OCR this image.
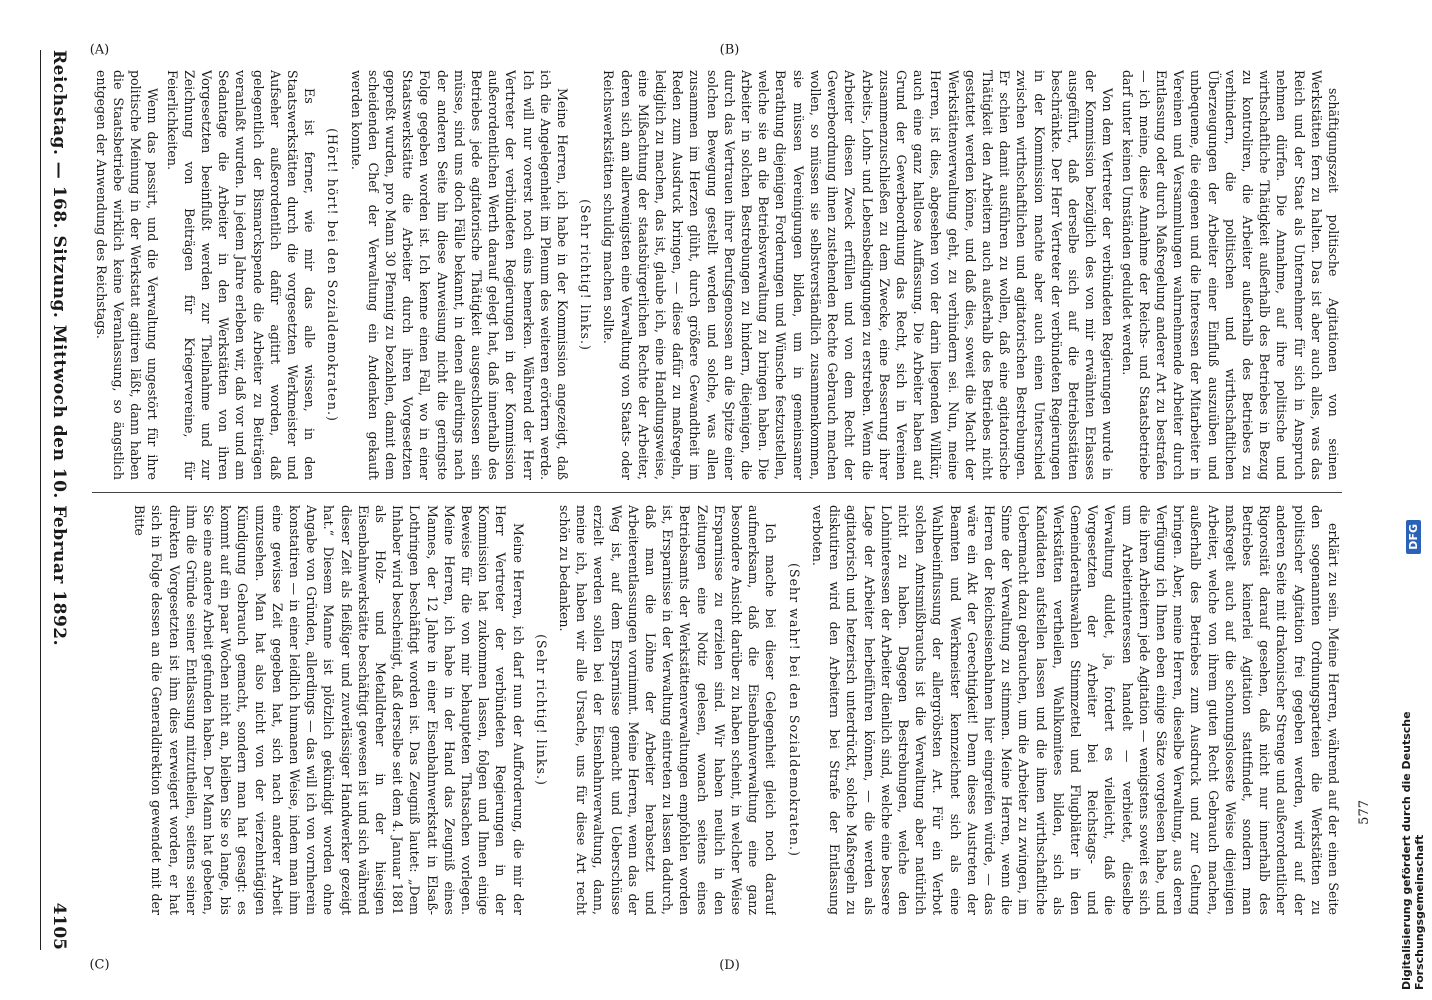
Reichstag. — 168. Sitzung. Mittwoch den 10. Februar 1892.
4105
(A)	(B)
(C)	(D)

schäftigungszeit politische Agitationen von seinen Werkstätten fern zu halten. Das ist aber auch alles, was das Reich und der Staat als Unternehmer für sich in Anspruch nehmen dürfen. Die Annahme, auf ihre politische und wirthschaftliche Thätigkeit außerhalb des Betriebes in Bezug zu kontroliren, die Arbeiter außerhalb des Betriebes zu verhindern, die politischen und wirthschaftlichen Überzeugungen der Arbeiter einer Einfluß auszuüben und unbequeme, die eigenen und die Interessen der Mitarbeiter in Vereinen und Versammlungen wahrnehmende Arbeiter durch Entlassung oder durch Maßregelung anderer Art zu bestrafen — ich meine, diese Annahme der Reichs- und Staatsbetriebe darf unter keinen Umständen geduldet werden.

Von dem Vertreter der verbündeten Regierungen wurde in der Kommission bezüglich des von mir erwähnten Erlasses ausgeführt, daß derselbe sich auf die Betriebsstätten beschränkte. Der Herr Vertreter der verbündeten Regierungen in der Kommission machte aber auch einen Unterschied zwischen wirthschaftlichen und agitatorischen Bestrebungen. Er schien damit ausführen zu wollen, daß eine agitatorische Thätigkeit den Arbeitern auch außerhalb des Betriebes nicht gestattet werden könne, und daß dies, soweit die Macht der Werkstättenverwaltung geht, zu verhindern sei. Nun, meine Herren, ist dies, abgesehen von der darin liegenden Willkür, auch eine ganz haltlose Auffassung. Die Arbeiter haben auf Grund der Gewerbeordnung das Recht, sich in Vereinen zusammenzuschließen zu dem Zwecke, eine Besserung ihrer Arbeits-, Lohn- und Lebensbedingungen zu erstreben. Wenn die Arbeiter diesen Zweck erfüllen und von dem Recht der Gewerbeordnung ihnen zustehenden Rechte Gebrauch machen wollen, so müssen sie selbstverständlich zusammenkommen, sie müssen Vereinigungen bilden, um in gemeinsamer Berathung diejenigen Forderungen und Wünsche festzustellen, welche sie an die Betriebsverwaltung zu bringen haben. Die Arbeiter in solchen Bestrebungen zu hindern, diejenigen, die durch das Vertrauen ihrer Berufsgenossen an die Spitze einer solchen Bewegung gestellt werden und solche, was allen zusammen im Herzen glüht, durch größere Gewandtheit im Reden zum Ausdruck bringen, — diese dafür zu maßregeln, lediglich zu machen, das ist, glaube ich, eine Handlungsweise, eine Mißachtung der staatsbürgerlichen Rechte der Arbeiter, deren sich am allerwenigsten eine Verwaltung von Staats- oder Reichswerkstätten schuldig machen sollte.

(Sehr richtig! links.)

Meine Herren, ich habe in der Kommission angezeigt, daß ich die Angelegenheit im Plenum des weiteren erörtern werde. Ich will nur vorerst noch eins bemerken. Während der Herr Vertreter der verbündeten Regierungen in der Kommission außerordentlichen Werth darauf gelegt hat, daß innerhalb des Betriebes jede agitatorische Thätigkeit ausgeschlossen sein müsse, sind uns doch Fälle bekannt, in denen allerdings nach der anderen Seite hin diese Anweisung nicht die geringste Folge gegeben worden ist. Ich kenne einen Fall, wo in einer Staatswerkstätte die Arbeiter durch ihren Vorgesetzten gepreßt wurden, pro Mann 30 Pfennig zu bezahlen, damit dem scheidenden Chef der Verwaltung ein Andenken gekauft werden konnte.

(Hört! hört! bei den Sozialdemokraten.)

Es ist ferner, wie mir das alle wissen, in den Staatswerkstätten durch die vorgesetzten Werkmeister und Aufseher außerordentlich dafür agitirt worden, daß gelegentlich der Bismarckspende die Arbeiter zu Beiträgen veranlaßt wurden. In jedem Jahre erleben wir, daß vor und am Sedantage die Arbeiter in den Werkstätten von ihren Vorgesetzten beeinflußt werden zur Theilnahme und zur Zeichnung von Beiträgen für Kriegervereine, für Feierlichkeiten.

Wenn das passirt, und die Verwaltung ungestört für ihre politische Meinung in der Werkstatt agitiren läßt, dann haben die Staatsbetriebe wirklich keine Veranlassung, so ängstlich entgegen der Anwendung des Reichstags.

erklärt zu sein. Meine Herren, während auf der einen Seite den sogenannten Ordnungsparteien die Werkstätten zu politischer Agitation frei gegeben werden, wird auf der anderen Seite mit drakonischer Strenge und außerordentlicher Rigorosität darauf gesehen, daß nicht nur innerhalb des Betriebes keinerlei Agitation stattfindet, sondern man maßregelt auch auf die schonungsloseste Weise diejenigen Arbeiter, welche von ihrem guten Recht Gebrauch machen, außerhalb des Betriebes zum Ausdruck und zur Geltung bringen. Aber, meine Herren, dieselbe Verwaltung, aus deren Verfügung ich Ihnen eben einige Sätze vorgelesen habe, und die ihren Arbeitern jede Agitation — wenigstens soweit es sich um Arbeiterinteressen handelt — verbietet, dieselbe Verwaltung duldet, ja, fordert es vielleicht, daß die Vorgesetzten der Arbeiter bei Reichstags- und Gemeinderathswahlen Stimmzettel und Flugblätter in den Werkstätten vertheilen, Wahlkomitees bilden, sich als Kandidaten aufstellen lassen und die ihnen wirthschaftliche Uebermacht dazu gebrauchen, um die Arbeiter zu zwingen, im Sinne der Verwaltung zu stimmen. Meine Herren, wenn die Herren der Reichseisenbahnen hier eingreifen würde, — das wäre ein Akt der Gerechtigkeit! Denn dieses Austreten der Beamten und Werkmeister kennzeichnet sich als eine Wahlbeeinflussung der allergröbsten Art. Für ein Verbot solchen Amtsmißbrauchs ist die Verwaltung aber natürlich nicht zu haben. Dagegen Bestrebungen, welche den Lohninteressen der Arbeiter dienlich sind, welche eine bessere Lage der Arbeiter herbeiführen können, — die werden als agitatorisch und hetzerisch unterdrückt, solche Maßregeln zu diskutiren wird den Arbeitern bei Strafe der Entlassung verboten.

(Sehr wahr! bei den Sozialdemokraten.)

Ich mache bei dieser Gelegenheit gleich noch darauf aufmerksam, daß die Eisenbahnverwaltung eine ganz besondere Ansicht darüber zu haben scheint, in welcher Weise Ersparnisse zu erzielen sind. Wir haben neulich in den Zeitungen eine Notiz gelesen, wonach seitens eines Betriebsamts der Werkstättenverwaltungen empfohlen worden ist, Ersparnisse in der Verwaltung eintreten zu lassen dadurch, daß man die Löhne der Arbeiter herabsetzt und Arbeiterentlassungen vornimmt. Meine Herren, wenn das der Weg ist, auf dem Ersparnisse gemacht und Ueberschüsse erzielt werden sollen bei der Eisenbahnverwaltung, dann, meine ich, haben wir alle Ursache, uns für diese Art recht schön zu bedanken.

(Sehr richtig! links.)

Meine Herren, ich darf nun der Aufforderung, die mir der Herr Vertreter der verbündeten Regierungen in der Kommission hat zukommen lassen, folgen und Ihnen einige Beweise für die von mir behaupteten Thatsachen vorlegen. Meine Herren, ich habe in der Hand das Zeugniß eines Mannes, der 12 Jahre in einer Eisenbahnwerkstatt in Elsaß-Lothringen beschäftigt worden ist. Das Zeugniß lautet: „Dem Inhaber wird bescheinigt, daß derselbe seit dem 4. Januar 1881 als Holz- und Metalldreher in der hiesigen Eisenbahnwerkstätte beschäftigt gewesen ist und sich während dieser Zeit als fleißiger und zuverlässiger Handwerker gezeigt hat.“ Diesem Manne ist plötzlich gekündigt worden ohne Angabe von Gründen, allerdings — das will ich von vornherein konstatiren — in einer leidlich humanen Weise, indem man ihm eine gewisse Zeit gegeben hat, sich nach anderer Arbeit umzusehen. Man hat also nicht von der vierzehntägigen Kündigung Gebrauch gemacht, sondern man hat gesagt: es kommt auf ein paar Wochen nicht an, bleiben Sie so lange, bis Sie eine andere Arbeit gefunden haben. Der Mann hat gebeten, ihm die Gründe seiner Entlassung mitzutheilen, seitens seiner direkten Vorgesetzten ist ihm dies verweigert worden, er hat sich in Folge dessen an die Generaldirektion gewendet mit der Bitte

577	Digitalisierung gefördert durch die Deutsche Forschungsgemeinschaft
DFG
